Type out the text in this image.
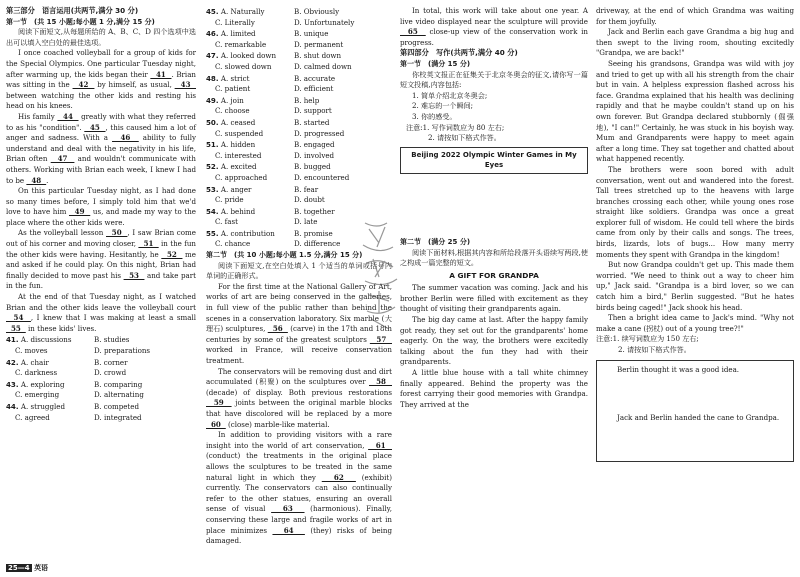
第三部分　语言运用(共两节,满分 30 分)
第一节　(共 15 小题;每小题 1 分,满分 15 分)

阅读下面短文,从每题所给的 A、B、C、D 四个选项中选出可以填入空白处的最佳选项。

I once coached volleyball for a group of kids for the Special Olympics. One particular Tuesday night, after warming up, the kids began their   41  . Brian was sitting in the   42   by himself, as usual,   43   between watching the other kids and resting his head on his knees.

His family   44   greatly with what they referred to as his "condition".   45  , this caused him a lot of anger and sadness. With a   46   ability to fully understand and deal with the negativity in his life, Brian often   47   and wouldn't communicate with others. Working with Brian each week, I knew I had to be   48  .

On this particular Tuesday night, as I had done so many times before, I simply told him that we'd love to have him   49   us, and made my way to the place where the other kids were.

As the volleyball lesson   50  , I saw Brian come out of his corner and moving closer,   51   in the fun the other kids were having. Hesitantly, he   52   me and asked if he could play. On this night, Brian had finally decided to move past his   53   and take part in the fun.

At the end of that Tuesday night, as I watched Brian and the other kids leave the volleyball court   54  , I knew that I was making at least a small   55   in these kids' lives.

41. A. discussions	B. studies
C. moves	D. preparations
42. A. chair	B. corner
C. darkness	D. crowd
43. A. exploring	B. comparing
C. emerging	D. alternating
44. A. struggled	B. competed
C. agreed	D. integrated
45. A. Naturally	B. Obviously
C. Literally	D. Unfortunately
46. A. limited	B. unique
C. remarkable	D. permanent
47. A. looked down	B. shut down
C. slowed down	D. calmed down
48. A. strict	B. accurate
C. patient	D. efficient
49. A. join	B. help
C. choose	D. support
50. A. ceased	B. started
C. suspended	D. progressed
51. A. hidden	B. engaged
C. interested	D. involved
52. A. excited	B. bugged
C. approached	D. encountered
53. A. anger	B. fear
C. pride	D. doubt
54. A. behind	B. together
C. fast	D. late
55. A. contribution	B. promise
C. chance	D. difference
第二节　(共 10 小题;每小题 1.5 分,满分 15 分)

阅读下面短文,在空白处填入 1 个适当的单词或括号内单词的正确形式。

For the first time at the National Gallery of Art, works of art are being conserved in the galleries, in full view of the public rather than behind the scenes in a conservation laboratory. Six marble (大理石) sculptures,   56   (carve) in the 17th and 18th centuries by some of the greatest sculptors   57   worked in France, will receive conservation treatment.

The conservators will be removing dust and dirt accumulated (积聚) on the sculptures over   58   (decade) of display. Both previous restorations   59   joints between the original marble blocks that have discolored will be replaced by a more   60   (close) marble-like material.

In addition to providing visitors with a rare insight into the world of art conservation,   61   (conduct) the treatments in the original place allows the sculptures to be treated in the same natural light in which they   62   (exhibit) currently. The conservators can also continually refer to the other statues, ensuring an overall sense of visual   63   (harmonious). Finally, conserving these large and fragile works of art in place minimizes   64   (they) risks of being damaged.

In total, this work will take about one year. A live video displayed near the sculpture will provide   65   close-up view of the conservation work in progress.

第四部分　写作(共两节,满分 40 分)
第一节　(满分 15 分)

你校英文报正在征集关于北京冬奥会的征文,请你写一篇短文投稿,内容包括:

1. 简单介绍北京冬奥会;

2. 难忘的一个瞬间;

3. 你的感受。

注意:1. 写作词数应为 80 左右;

2. 请按如下格式作答。

Beijing 2022 Olympic Winter Games in My Eyes
第二节　(满分 25 分)

阅读下面材料,根据其内容和所给段落开头语续写两段,使之构成一篇完整的短文。

A GIFT FOR GRANDPA

The summer vacation was coming. Jack and his brother Berlin were filled with excitement as they thought of visiting their grandparents again.

The big day came at last. After the happy family got ready, they set out for the grandparents' home eagerly. On the way, the brothers were excitedly talking about the fun they had with their grandparents.

A little blue house with a tall white chimney finally appeared. Behind the property was the forest carrying their good memories with Grandpa. They arrived at the

driveway, at the end of which Grandma was waiting for them joyfully.

Jack and Berlin each gave Grandma a big hug and then swept to the living room, shouting excitedly "Grandpa, we are back!"

Seeing his grandsons, Grandpa was wild with joy and tried to get up with all his strength from the chair but in vain. A helpless expression flashed across his face. Grandma explained that his health was declining rapidly and that he maybe couldn't stand up on his own forever. But Grandpa declared stubbornly (倔强地), "I can!" Certainly, he was stuck in his boyish way. Mum and Grandparents were happy to meet again after a long time. They sat together and chatted about what happened recently.

The brothers were soon bored with adult conversation, went out and wandered into the forest. Tall trees stretched up to the heavens with large branches crossing each other, while young ones rose straight like soldiers. Grandpa was once a great explorer full of wisdom. He could tell where the birds came from only by their calls and songs. The trees, birds, lizards, lots of bugs... How many merry moments they spent with Grandpa in the kingdom!

But now Grandpa couldn't get up. This made them worried. "We need to think out a way to cheer him up," Jack said. "Grandpa is a bird lover, so we can catch him a bird," Berlin suggested. "But he hates birds being caged!" Jack shook his head.

Then a bright idea came to Jack's mind. "Why not make a cane (拐杖) out of a young tree?!"

注意:1. 续写词数应为 150 左右;

2. 请按如下格式作答。

Berlin thought it was a good idea.
Jack and Berlin handed the cane to Grandpa.
25—4 英语
